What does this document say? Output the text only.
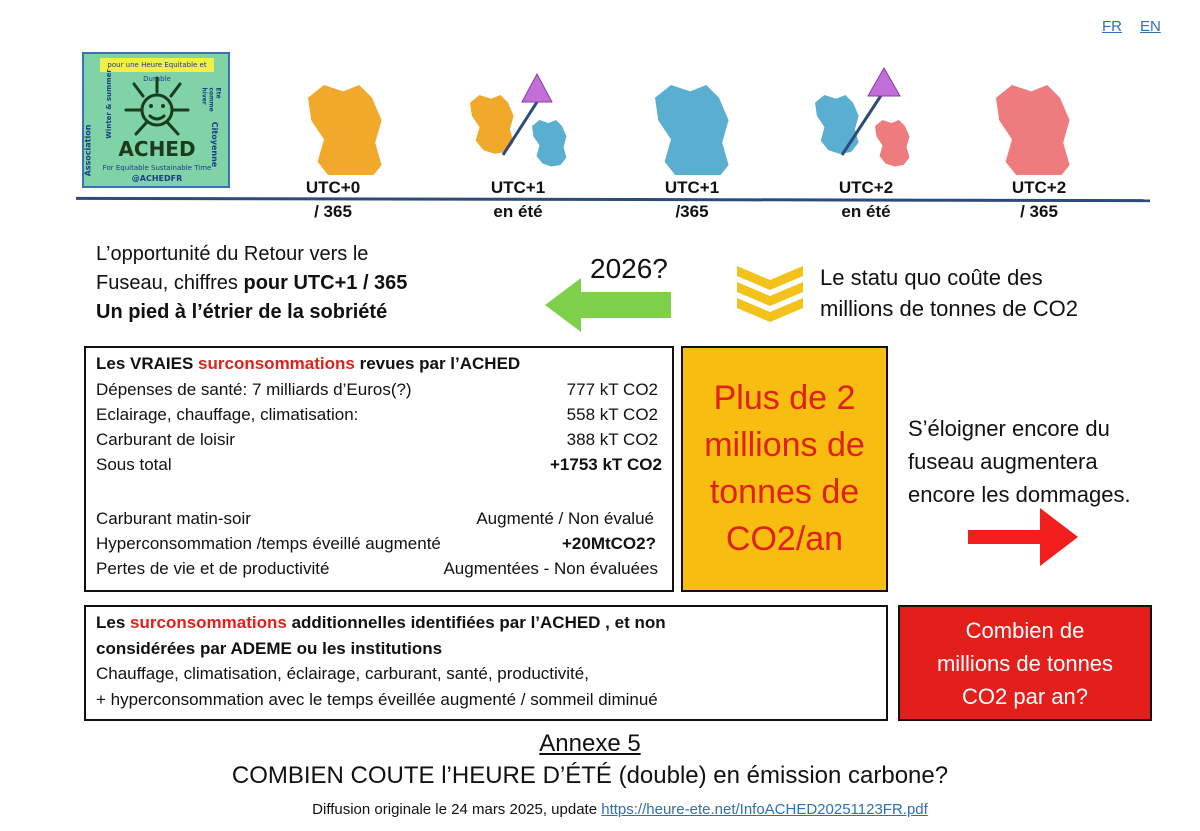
FR EN
pour une Heure Equitable et Durable
Winter & summer
Association
Eté comme hiver
Citoyenne
ACHED
For Equitable Sustainable Time
@ACHEDFR	UTC+0
/ 365
UTC+1
en été
UTC+1
/365
UTC+2
en été
UTC+2
/ 365
L’opportunité du Retour vers le
Fuseau, chiffres pour UTC+1 / 365
Un pied à l’étrier de la sobriété
2026?	Le statu quo coûte des
millions de tonnes de CO2
Les VRAIES surconsommations revues par l’ACHED
Dépenses de santé: 7 milliards d’Euros(?)	777 kT CO2
Eclairage, chauffage, climatisation:	558 kT CO2
Carburant de loisir	388 kT CO2
Sous total	+1753 kT CO2
Carburant matin-soir	Augmenté / Non évalué
Hyperconsommation /temps éveillé augmenté	+20MtCO2?
Pertes de vie et de productivité	Augmentées - Non évaluées
Plus de 2
millions de
tonnes de
CO2/an
S’éloigner encore du
fuseau augmentera
encore les dommages.
Les surconsommations additionnelles identifiées par l’ACHED , et non
considérées par ADEME ou les institutions
Chauffage, climatisation, éclairage, carburant, santé, productivité,
+ hyperconsommation avec le temps éveillée augmenté / sommeil diminué
Combien de
millions de tonnes
CO2 par an?
Annexe 5
COMBIEN COUTE l’HEURE D’ÉTÉ (double) en émission carbone?
Diffusion originale le 24 mars 2025, update https://heure-ete.net/InfoACHED20251123FR.pdf
